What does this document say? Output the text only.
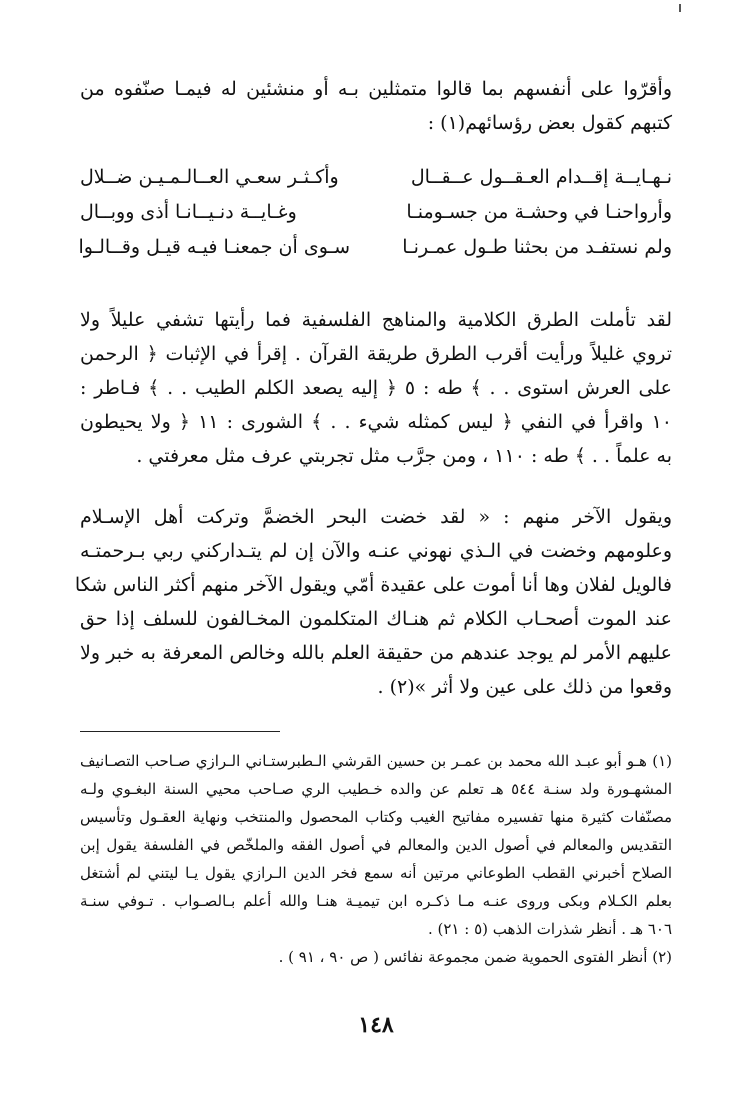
وأقرّوا على أنفسهم بما قالوا متمثلين بـه أو منشئين له فيمـا صنّفوه من
كتبهم كقول بعض رؤسائهم(١) :
نـهـايــة إقــدام العـقــول عــقــال
وأكـثـر سعـي العــالـمـيـن ضــلال
وأرواحنـا في وحشـة من جسـومنـا
وغـايــة دنـيــانـا أذى ووبــال
ولم نستفـد من بحثنا طـول عمـرنـا
سـوى أن جمعنـا فيـه قيـل وقــالـوا
لقد تأملت الطرق الكلامية والمناهج الفلسفية فما رأيتها تشفي عليلاً ولا
تروي غليلاً ورأيت أقرب الطرق طريقة القرآن . إقرأ في الإثبات ﴿ الرحمن
على العرش استوى . . ﴾ طه : ٥ ﴿ إليه يصعد الكلم الطيب . . ﴾ فـاطر :
١٠ واقرأ في النفي ﴿ ليس كمثله شيء . . ﴾ الشورى : ١١ ﴿ ولا يحيطون
به علماً . . ﴾ طه : ١١٠ ، ومن جرَّب مثل تجربتي عرف مثل معرفتي .
ويقول الآخر منهم : « لقد خضت البحر الخضمَّ وتركت أهل الإسـلام
وعلومهم وخضت في الـذي نهوني عنـه والآن إن لم يتـداركني ربي بـرحمتـه
فالويل لفلان وها أنا أموت على عقيدة أمّي ويقول الآخر منهم أكثر الناس شكا
عند الموت أصحـاب الكلام ثم هنـاك المتكلمون المخـالفون للسلف إذا حق
عليهم الأمر لم يوجد عندهم من حقيقة العلم بالله وخالص المعرفة به خبر ولا
وقعوا من ذلك على عين ولا أثر »(٢) .
(١) هـو أبو عبـد الله محمد بن عمـر بن حسين القرشي الـطبرستـاني الـرازي صـاحب التصـانيف
المشهـورة ولد سنـة ٥٤٤ هـ تعلم عن والده خـطيب الري صـاحب محيي السنة البغـوي ولـه
مصنّفات كثيرة منها تفسيره مفاتيح الغيب وكتاب المحصول والمنتخب ونهاية العقـول وتأسيس
التقديس والمعالم في أصول الدين والمعالم في أصول الفقه والملخّص في الفلسفة يقول إبن
الصلاح أخبرني القطب الطوعاني مرتين أنه سمع فخر الدين الـرازي يقول يـا ليتني لم أشتغل
بعلم الكـلام وبكى وروى عنـه مـا ذكـره ابن تيميـة هنـا والله أعلم بـالصـواب . تـوفي سنـة
٦٠٦ هـ . أنظر شذرات الذهب (٥ : ٢١) .
(٢) أنظر الفتوى الحموية ضمن مجموعة نفائس ( ص ٩٠ ، ٩١ ) .
١٤٨
